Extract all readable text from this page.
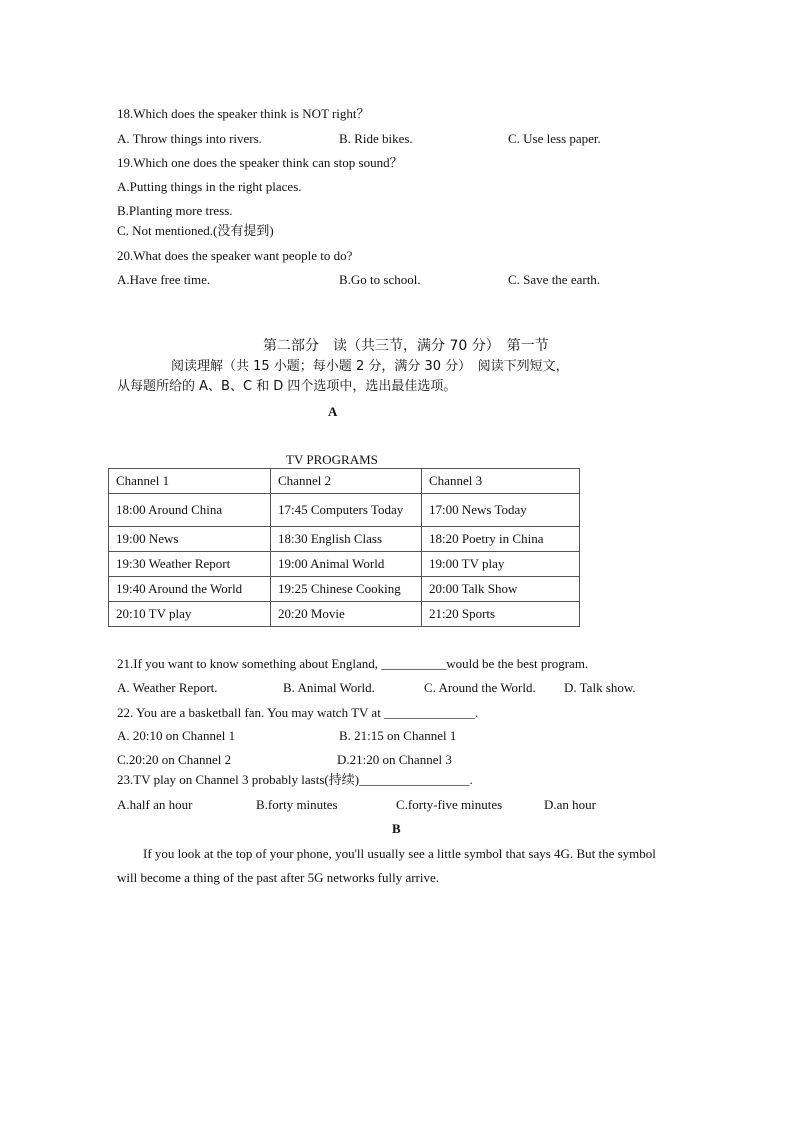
18.Which does the speaker think is NOT right？
A. Throw things into rivers.	B. Ride bikes.	C. Use less paper.
19.Which one does the speaker think can stop sound？
A.Putting things in the right places.
B.Planting more tress.
C. Not mentioned.(没有提到)
20.What does the speaker want people to do?
A.Have free time.	B.Go to school.	C. Save the earth.
第二部分　读（共三节，满分 70 分）　第一节
阅读理解（共 15 小题；每小题 2 分，满分 30 分）　阅读下列短文，
从每题所给的 A、B、C 和 D 四个选项中，选出最佳选项。
A
TV PROGRAMS
Channel 1	Channel 2	Channel 3
18:00 Around China	17:45 Computers Today	17:00 News Today
19:00 News	18:30 English Class	18:20 Poetry in China
19:30 Weather Report	19:00 Animal World	19:00 TV play
19:40 Around the World	19:25 Chinese Cooking	20:00 Talk Show
20:10 TV play	20:20 Movie	21:20 Sports
21.If you want to know something about England, __________would be the best program.
A. Weather Report.	B. Animal World.	C. Around the World. D. Talk show.
22. You are a basketball fan. You may watch TV at ______________.
A. 20:10 on Channel 1	B. 21:15 on Channel 1
C.20:20 on Channel 2	D.21:20 on Channel 3
23.TV play on Channel 3 probably lasts(持续)_________________.
A.half an hour	B.forty minutes	C.forty-five minutes	D.an hour
B
If you look at the top of your phone, you'll usually see a little symbol that says 4G. But the symbol will become a thing of the past after 5G networks fully arrive.
